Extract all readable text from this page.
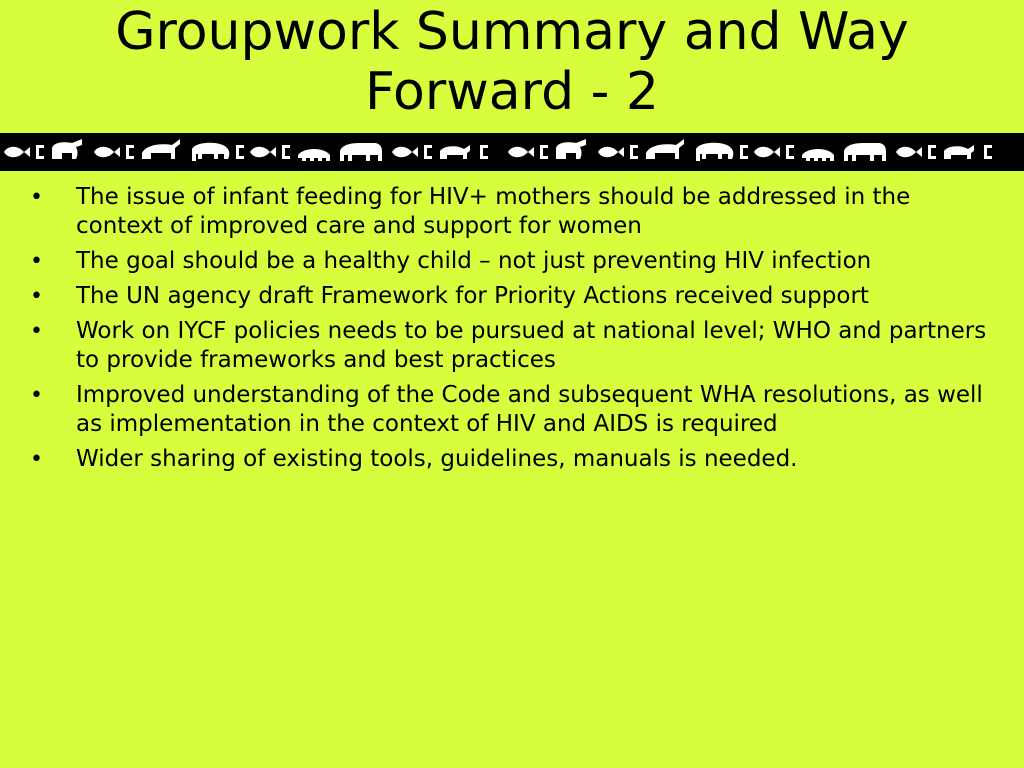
Groupwork Summary and Way
Forward - 2
• The issue of infant feeding for HIV+ mothers should be addressed in the context of improved care and support for women
• The goal should be a healthy child – not just preventing HIV infection
• The UN agency draft Framework for Priority Actions received support
• Work on IYCF policies needs to be pursued at national level; WHO and partners to provide frameworks and best practices
• Improved understanding of the Code and subsequent WHA resolutions, as well as implementation in the context of HIV and AIDS is required
• Wider sharing of existing tools, guidelines, manuals is needed.
